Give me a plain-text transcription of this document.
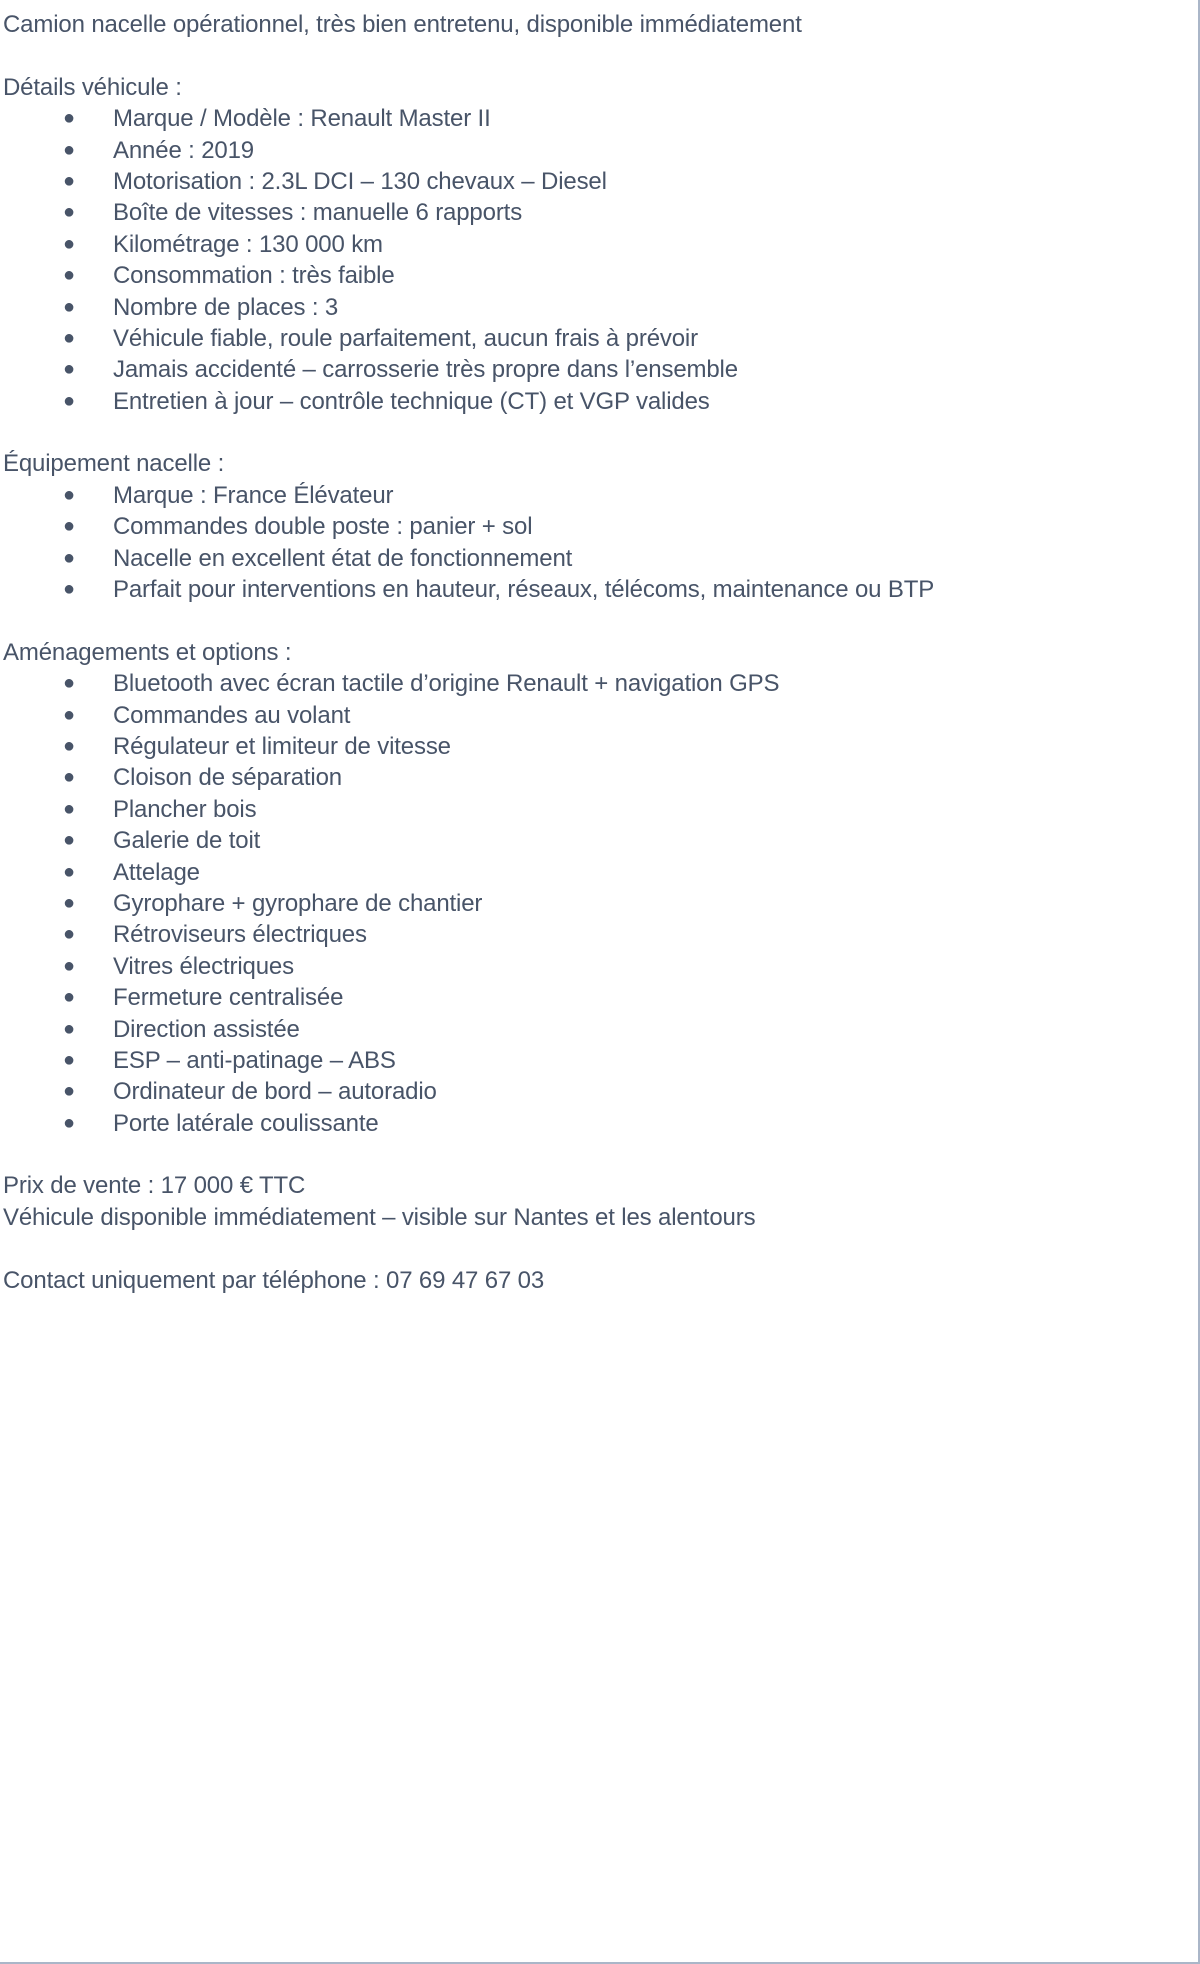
Camion nacelle opérationnel, très bien entretenu, disponible immédiatement
Détails véhicule :
● Marque / Modèle : Renault Master II
● Année : 2019
● Motorisation : 2.3L DCI – 130 chevaux – Diesel
● Boîte de vitesses : manuelle 6 rapports
● Kilométrage : 130 000 km
● Consommation : très faible
● Nombre de places : 3
● Véhicule fiable, roule parfaitement, aucun frais à prévoir
● Jamais accidenté – carrosserie très propre dans l’ensemble
● Entretien à jour – contrôle technique (CT) et VGP valides
Équipement nacelle :
● Marque : France Élévateur
● Commandes double poste : panier + sol
● Nacelle en excellent état de fonctionnement
● Parfait pour interventions en hauteur, réseaux, télécoms, maintenance ou BTP
Aménagements et options :
● Bluetooth avec écran tactile d’origine Renault + navigation GPS
● Commandes au volant
● Régulateur et limiteur de vitesse
● Cloison de séparation
● Plancher bois
● Galerie de toit
● Attelage
● Gyrophare + gyrophare de chantier
● Rétroviseurs électriques
● Vitres électriques
● Fermeture centralisée
● Direction assistée
● ESP – anti-patinage – ABS
● Ordinateur de bord – autoradio
● Porte latérale coulissante
Prix de vente : 17 000 € TTC
Véhicule disponible immédiatement – visible sur Nantes et les alentours
Contact uniquement par téléphone : 07 69 47 67 03
